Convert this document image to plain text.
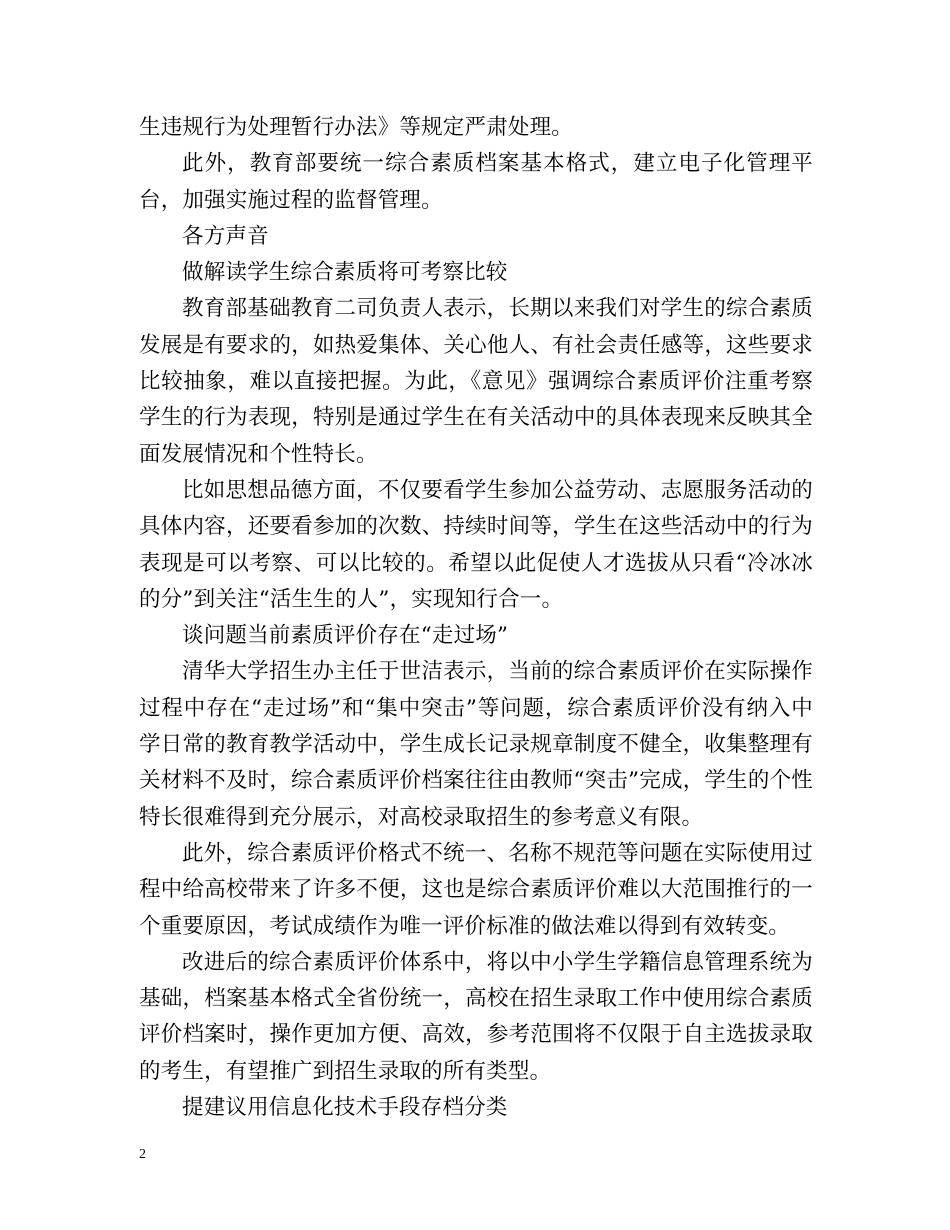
生违规行为处理暂行办法》等规定严肃处理。

此外，教育部要统一综合素质档案基本格式，建立电子化管理平台，加强实施过程的监督管理。

各方声音

做解读学生综合素质将可考察比较

教育部基础教育二司负责人表示，长期以来我们对学生的综合素质发展是有要求的，如热爱集体、关心他人、有社会责任感等，这些要求比较抽象，难以直接把握。为此，《意见》强调综合素质评价注重考察学生的行为表现，特别是通过学生在有关活动中的具体表现来反映其全面发展情况和个性特长。

比如思想品德方面，不仅要看学生参加公益劳动、志愿服务活动的具体内容，还要看参加的次数、持续时间等，学生在这些活动中的行为表现是可以考察、可以比较的。希望以此促使人才选拔从只看“冷冰冰的分”到关注“活生生的人”，实现知行合一。

谈问题当前素质评价存在“走过场”

清华大学招生办主任于世洁表示，当前的综合素质评价在实际操作过程中存在“走过场”和“集中突击”等问题，综合素质评价没有纳入中学日常的教育教学活动中，学生成长记录规章制度不健全，收集整理有关材料不及时，综合素质评价档案往往由教师“突击”完成，学生的个性特长很难得到充分展示，对高校录取招生的参考意义有限。

此外，综合素质评价格式不统一、名称不规范等问题在实际使用过程中给高校带来了许多不便，这也是综合素质评价难以大范围推行的一个重要原因，考试成绩作为唯一评价标准的做法难以得到有效转变。

改进后的综合素质评价体系中，将以中小学生学籍信息管理系统为基础，档案基本格式全省份统一，高校在招生录取工作中使用综合素质评价档案时，操作更加方便、高效，参考范围将不仅限于自主选拔录取的考生，有望推广到招生录取的所有类型。

提建议用信息化技术手段存档分类

2
